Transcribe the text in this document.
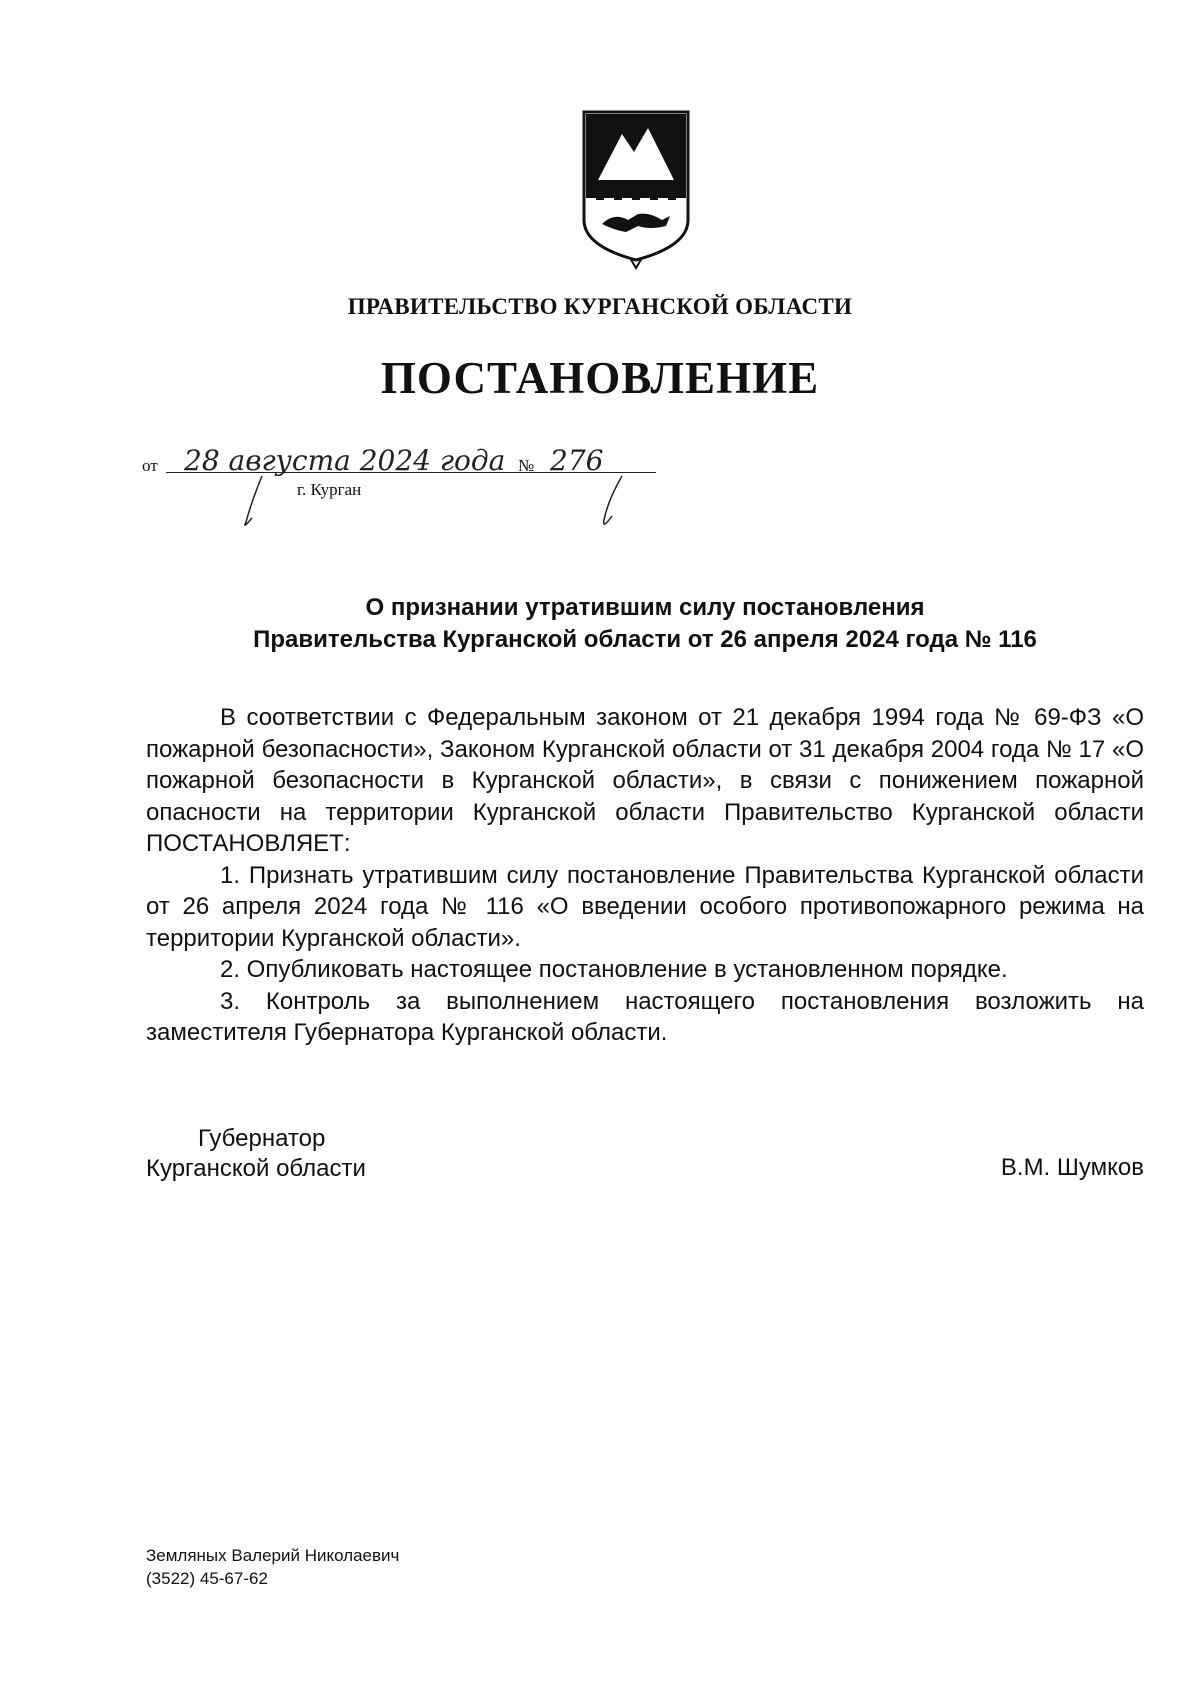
ПРАВИТЕЛЬСТВО КУРГАНСКОЙ ОБЛАСТИ
ПОСТАНОВЛЕНИЕ
от 28 августа 2024 года № 276
г. Курган
О признании утратившим силу постановления
Правительства Курганской области от 26 апреля 2024 года № 116

В соответствии с Федеральным законом от 21 декабря 1994 года № 69-ФЗ «О пожарной безопасности», Законом Курганской области от 31 декабря 2004 года № 17 «О пожарной безопасности в Курганской области», в связи с понижением пожарной опасности на территории Курганской области Правительство Курганской области ПОСТАНОВЛЯЕТ:

1. Признать утратившим силу постановление Правительства Курганской области от 26 апреля 2024 года № 116 «О введении особого противопожарного режима на территории Курганской области».

2. Опубликовать настоящее постановление в установленном порядке.

3. Контроль за выполнением настоящего постановления возложить на заместителя Губернатора Курганской области.

Губернатор
Курганской области	В.М. Шумков
Земляных Валерий Николаевич
(3522) 45-67-62
